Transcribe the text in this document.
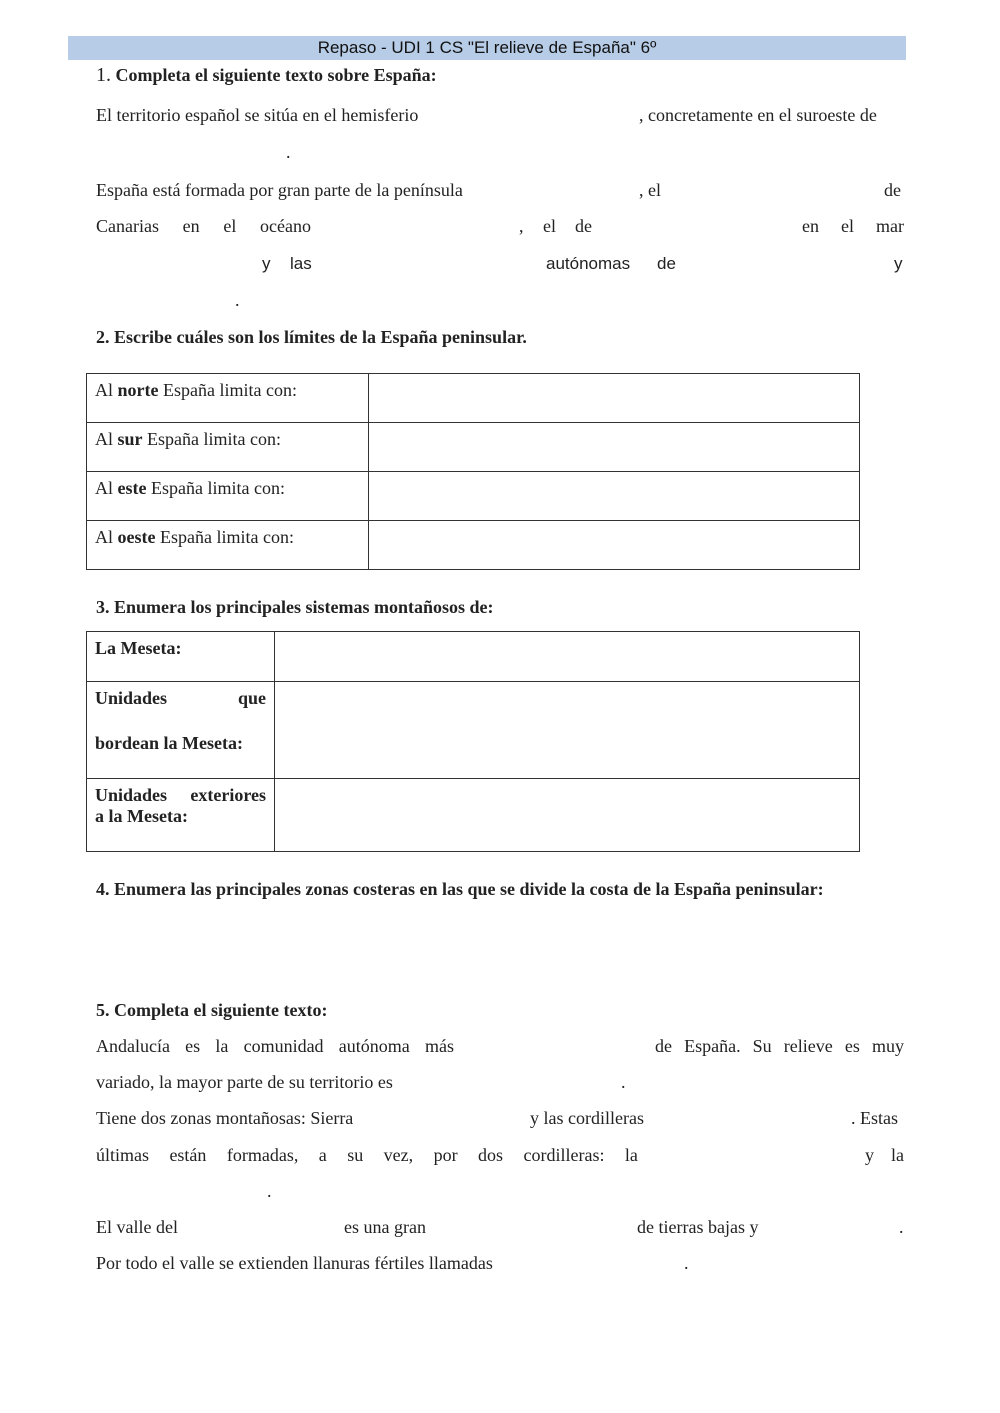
Repaso - UDI 1 CS "El relieve de España" 6º
1. Completa el siguiente texto sobre España:
El territorio español se sitúa en el hemisferio	, concretamente en el suroeste de
.
España está formada por gran parte de la península	, el	de
Canarias en el océano	, el de	en el mar
y las	autónomas de	y
.
2. Escribe cuáles son los límites de la España peninsular.
Al norte España limita con:	
Al sur España limita con:	
Al este España limita con:	
Al oeste España limita con:	
3. Enumera los principales sistemas montañosos de:
La Meseta:	

Unidades que
bordean la Meseta:	

Unidades exteriores
a la Meseta:	

4. Enumera las principales zonas costeras en las que se divide la costa de la España peninsular:
5. Completa el siguiente texto:
Andalucía es la comunidad autónoma más	de España. Su relieve es muy
variado, la mayor parte de su territorio es	.
Tiene dos zonas montañosas: Sierra	y las cordilleras	. Estas
últimas están formadas, a su vez, por dos cordilleras: la	y la
.
El valle del	es una gran	de tierras bajas y	.
Por todo el valle se extienden llanuras fértiles llamadas	.
